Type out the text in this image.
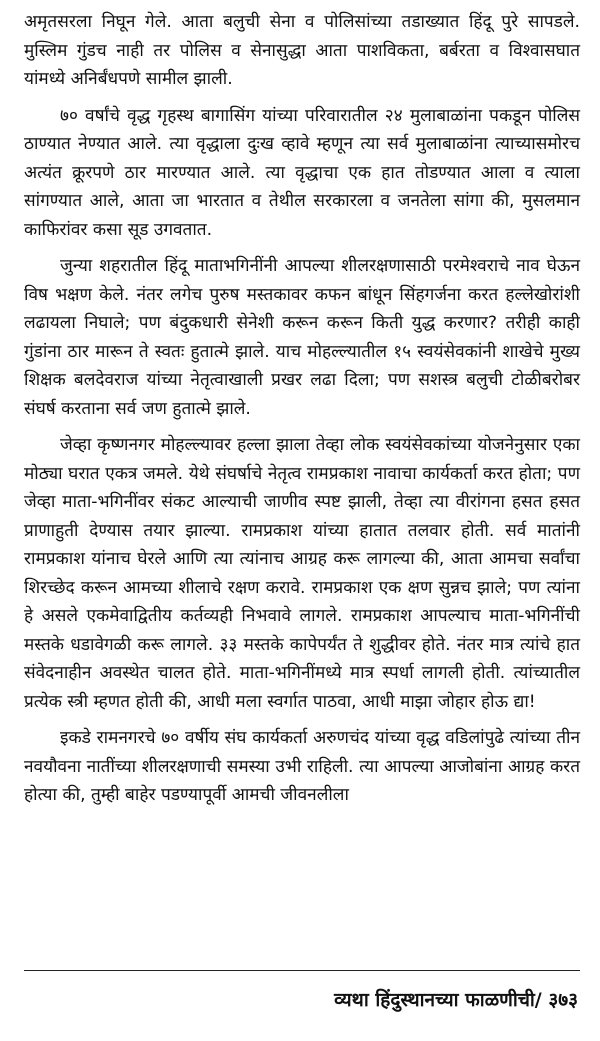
अमृतसरला निघून गेले. आता बलुची सेना व पोलिसांच्या तडाख्यात हिंदू पुरे सापडले. मुस्लिम गुंडच नाही तर पोलिस व सेनासुद्धा आता पाशविकता, बर्बरता व विश्वासघात यांमध्ये अनिर्बंधपणे सामील झाली.

७० वर्षांचे वृद्ध गृहस्थ बागासिंग यांच्या परिवारातील २४ मुलाबाळांना पकडून पोलिस ठाण्यात नेण्यात आले. त्या वृद्धाला दुःख व्हावे म्हणून त्या सर्व मुलाबाळांना त्याच्यासमोरच अत्यंत क्रूरपणे ठार मारण्यात आले. त्या वृद्धाचा एक हात तोडण्यात आला व त्याला सांगण्यात आले, आता जा भारतात व तेथील सरकारला व जनतेला सांगा की, मुसलमान काफिरांवर कसा सूड उगवतात.

जुन्या शहरातील हिंदू माताभगिनींनी आपल्या शीलरक्षणासाठी परमेश्वराचे नाव घेऊन विष भक्षण केले. नंतर लगेच पुरुष मस्तकावर कफन बांधून सिंहगर्जना करत हल्लेखोरांशी लढायला निघाले; पण बंदुकधारी सेनेशी करून करून किती युद्ध करणार? तरीही काही गुंडांना ठार मारून ते स्वतः हुतात्मे झाले. याच मोहल्ल्यातील १५ स्वयंसेवकांनी शाखेचे मुख्य शिक्षक बलदेवराज यांच्या नेतृत्वाखाली प्रखर लढा दिला; पण सशस्त्र बलुची टोळीबरोबर संघर्ष करताना सर्व जण हुतात्मे झाले.

जेव्हा कृष्णनगर मोहल्ल्यावर हल्ला झाला तेव्हा लोक स्वयंसेवकांच्या योजनेनुसार एका मोठ्या घरात एकत्र जमले. येथे संघर्षाचे नेतृत्व रामप्रकाश नावाचा कार्यकर्ता करत होता; पण जेव्हा माता-भगिनींवर संकट आल्याची जाणीव स्पष्ट झाली, तेव्हा त्या वीरांगना हसत हसत प्राणाहुती देण्यास तयार झाल्या. रामप्रकाश यांच्या हातात तलवार होती. सर्व मातांनी रामप्रकाश यांनाच घेरले आणि त्या त्यांनाच आग्रह करू लागल्या की, आता आमचा सर्वांचा शिरच्छेद करून आमच्या शीलाचे रक्षण करावे. रामप्रकाश एक क्षण सुन्नच झाले; पण त्यांना हे असले एकमेवाद्वितीय कर्तव्यही निभवावे लागले. रामप्रकाश आपल्याच माता-भगिनींची मस्तके धडावेगळी करू लागले. ३३ मस्तके कापेपर्यंत ते शुद्धीवर होते. नंतर मात्र त्यांचे हात संवेदनाहीन अवस्थेत चालत होते. माता-भगिनींमध्ये मात्र स्पर्धा लागली होती. त्यांच्यातील प्रत्येक स्त्री म्हणत होती की, आधी मला स्वर्गात पाठवा, आधी माझा जोहार होऊ द्या!

इकडे रामनगरचे ७० वर्षीय संघ कार्यकर्ता अरुणचंद यांच्या वृद्ध वडिलांपुढे त्यांच्या तीन नवयौवना नातींच्या शीलरक्षणाची समस्या उभी राहिली. त्या आपल्या आजोबांना आग्रह करत होत्या की, तुम्ही बाहेर पडण्यापूर्वी आमची जीवनलीला

व्यथा हिंदुस्थानच्या फाळणीची/ ३७३
